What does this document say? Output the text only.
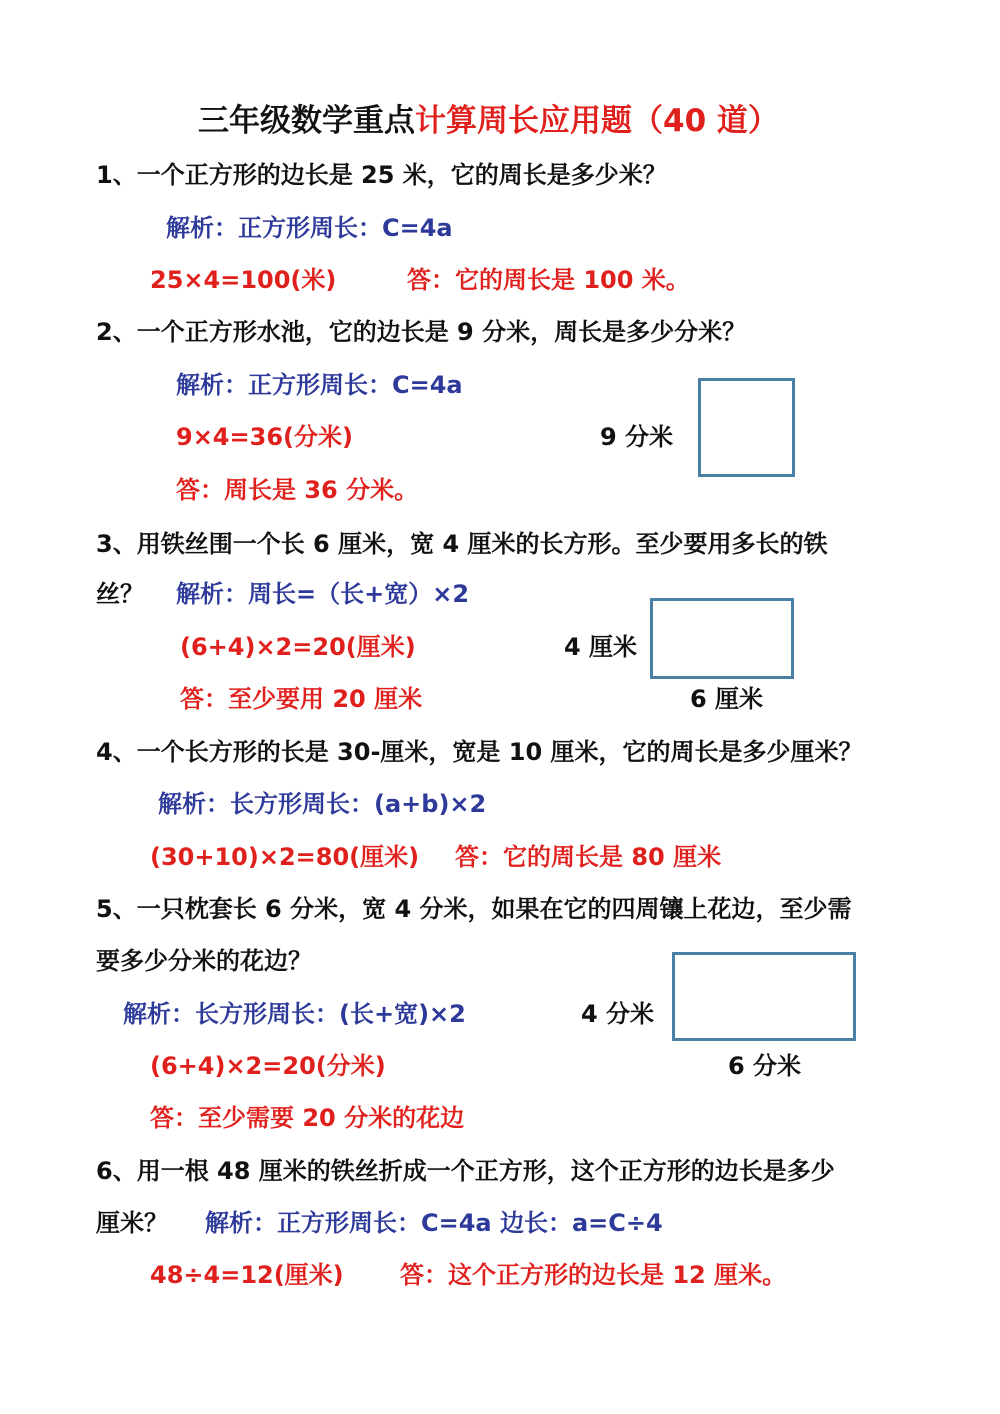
三年级数学重点计算周长应用题（40 道）
1、一个正方形的边长是 25 米，它的周长是多少米？
解析：正方形周长：C=4a
25×4=100(米)	答：它的周长是 100 米。
2、一个正方形水池，它的边长是 9 分米，周长是多少分米？
解析：正方形周长：C=4a
9×4=36(分米)
答：周长是 36 分米。
9 分米
3、用铁丝围一个长 6 厘米，宽 4 厘米的长方形。至少要用多长的铁
丝？ 解析：周长=（长+宽）×2
(6+4)×2=20(厘米)
答：至少要用 20 厘米
4 厘米
6 厘米
4、一个长方形的长是 30-厘米，宽是 10 厘米，它的周长是多少厘米？
解析：长方形周长：(a+b)×2
(30+10)×2=80(厘米) 答：它的周长是 80 厘米
5、一只枕套长 6 分米，宽 4 分米，如果在它的四周镶上花边，至少需
要多少分米的花边？
解析：长方形周长：(长+宽)×2
(6+4)×2=20(分米)
答：至少需要 20 分米的花边
4 分米
6 分米
6、用一根 48 厘米的铁丝折成一个正方形，这个正方形的边长是多少
厘米？ 解析：正方形周长：C=4a 边长：a=C÷4
48÷4=12(厘米) 答：这个正方形的边长是 12 厘米。
